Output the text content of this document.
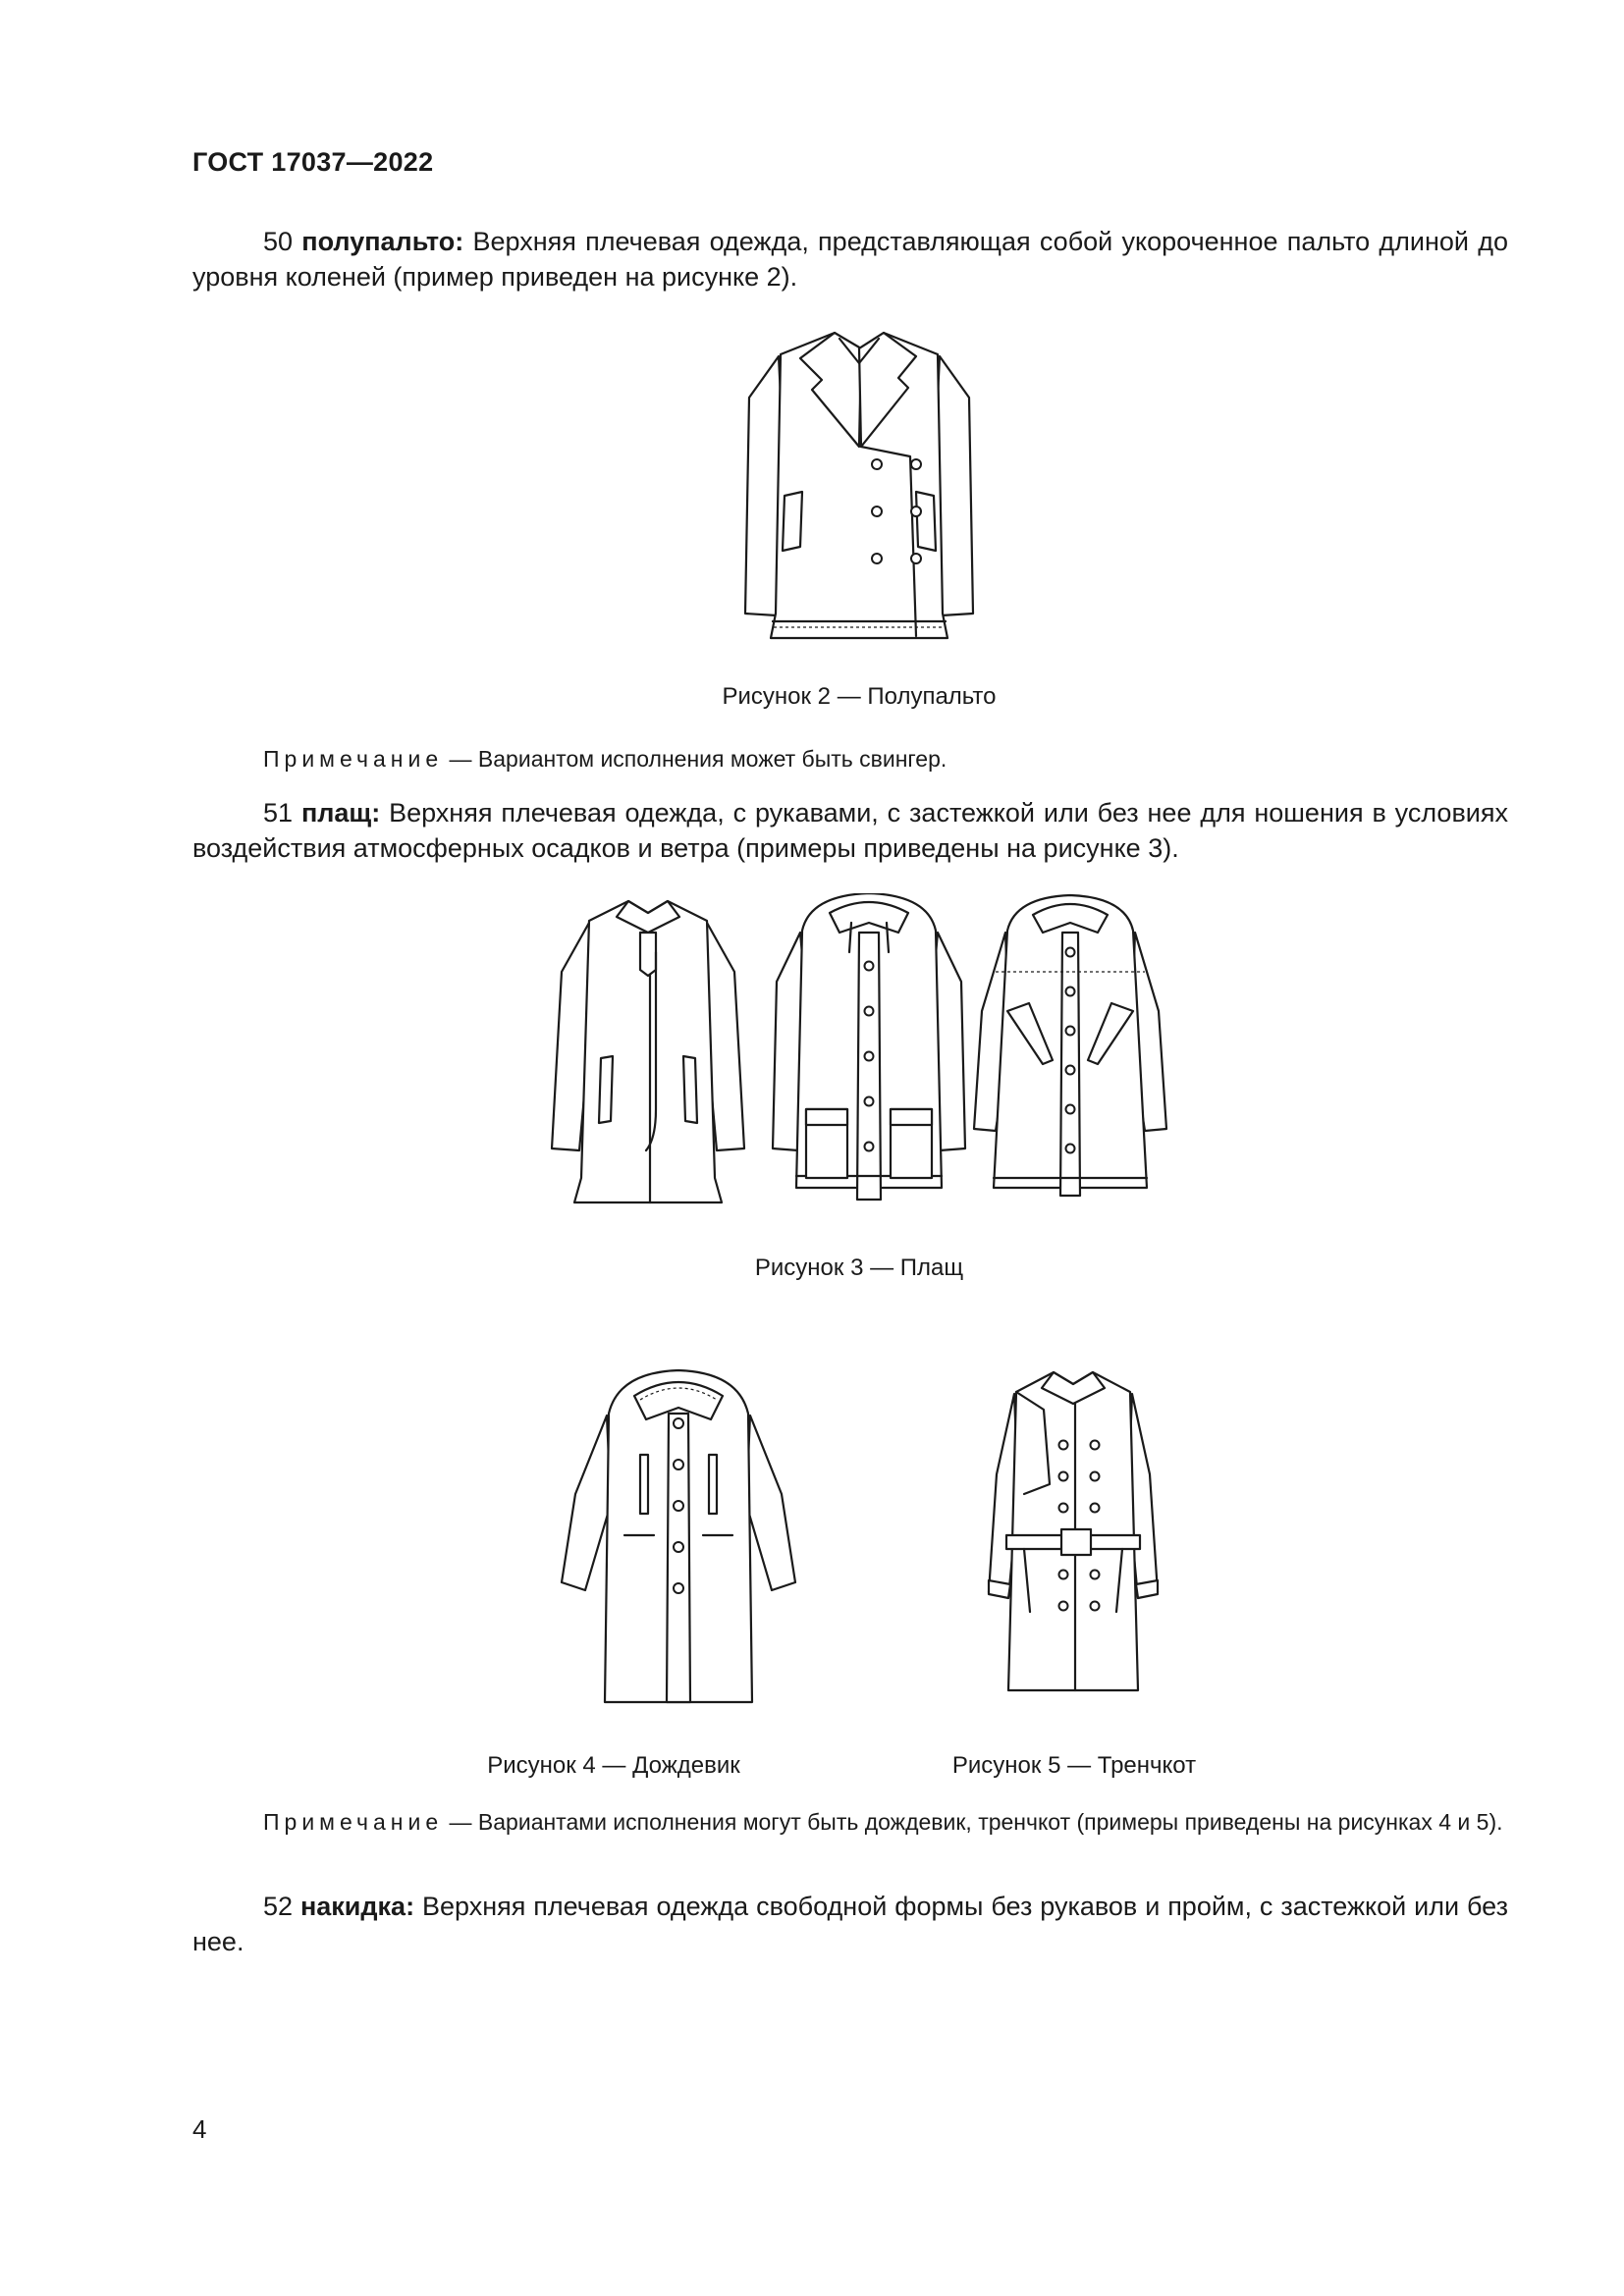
ГОСТ 17037—2022

50 полупальто: Верхняя плечевая одежда, представляющая собой укороченное пальто длиной до уровня коленей (пример приведен на рисунке 2).

Рисунок 2 — Полупальто

Примечание — Вариантом исполнения может быть свингер.

51 плащ: Верхняя плечевая одежда, с рукавами, с застежкой или без нее для ношения в условиях воздействия атмосферных осадков и ветра (примеры приведены на рисунке 3).

Рисунок 3 — Плащ
Рисунок 4 — Дождевик	Рисунок 5 — Тренчкот

Примечание — Вариантами исполнения могут быть дождевик, тренчкот (примеры приведены на рисунках 4 и 5).

52 накидка: Верхняя плечевая одежда свободной формы без рукавов и пройм, с застежкой или без нее.

4
